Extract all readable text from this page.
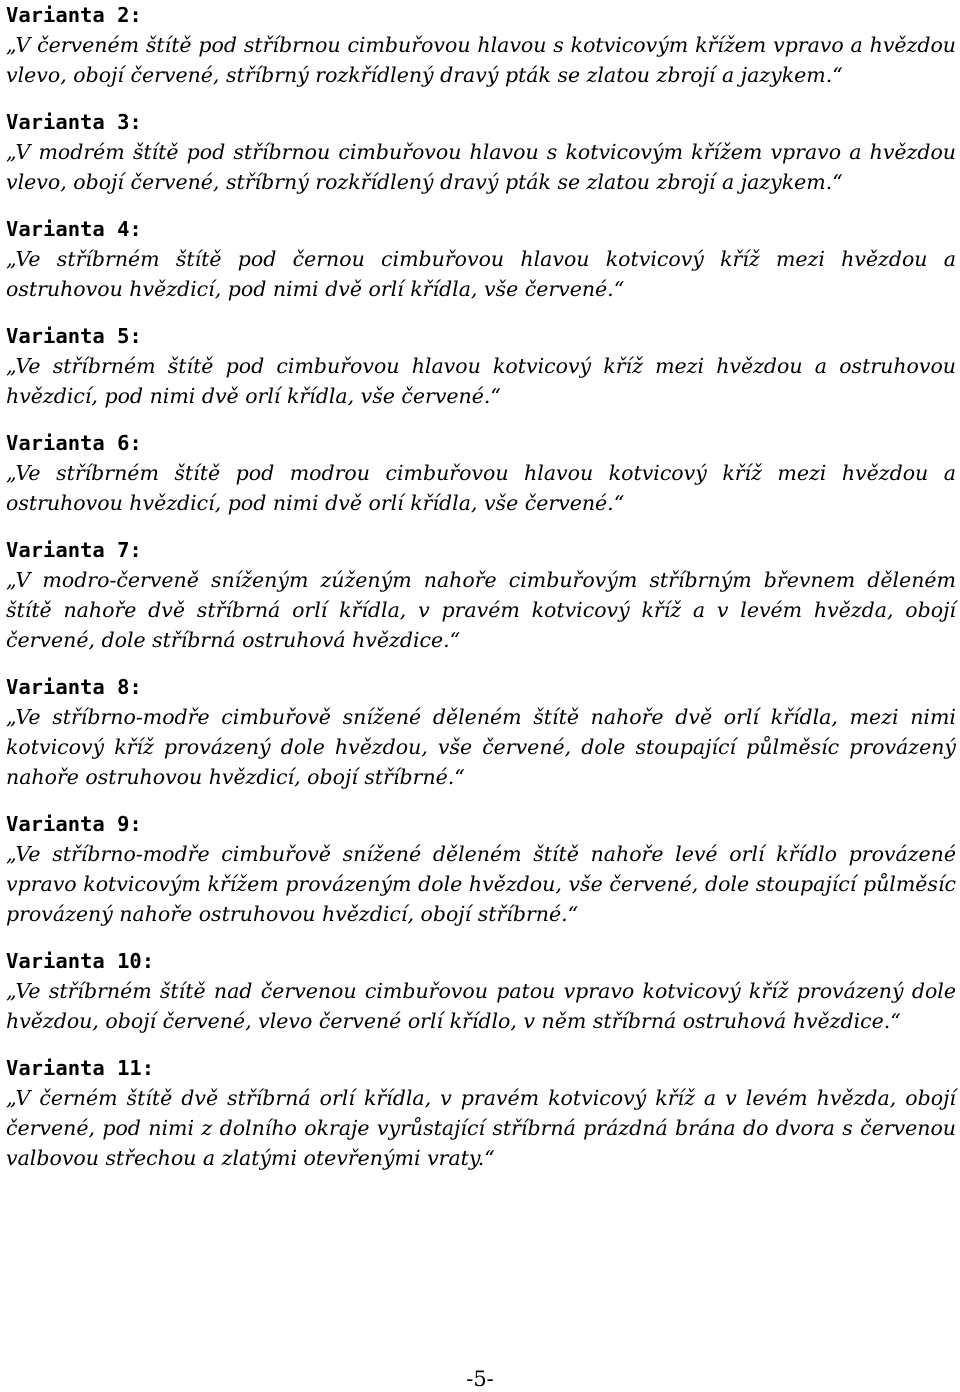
Varianta 2:

„V červeném štítě pod stříbrnou cimbuřovou hlavou s kotvicovým křížem vpravo a hvězdou vlevo, obojí červené, stříbrný rozkřídlený dravý pták se zlatou zbrojí a jazykem.“

Varianta 3:

„V modrém štítě pod stříbrnou cimbuřovou hlavou s kotvicovým křížem vpravo a hvězdou vlevo, obojí červené, stříbrný rozkřídlený dravý pták se zlatou zbrojí a jazykem.“

Varianta 4:

„Ve stříbrném štítě pod černou cimbuřovou hlavou kotvicový kříž mezi hvězdou a ostruhovou hvězdicí, pod nimi dvě orlí křídla, vše červené.“

Varianta 5:

„Ve stříbrném štítě pod cimbuřovou hlavou kotvicový kříž mezi hvězdou a ostruhovou hvězdicí, pod nimi dvě orlí křídla, vše červené.“

Varianta 6:

„Ve stříbrném štítě pod modrou cimbuřovou hlavou kotvicový kříž mezi hvězdou a ostruhovou hvězdicí, pod nimi dvě orlí křídla, vše červené.“

Varianta 7:

„V modro-červeně sníženým zúženým nahoře cimbuřovým stříbrným břevnem děleném štítě nahoře dvě stříbrná orlí křídla, v pravém kotvicový kříž a v levém hvězda, obojí červené, dole stříbrná ostruhová hvězdice.“

Varianta 8:

„Ve stříbrno-modře cimbuřově snížené děleném štítě nahoře dvě orlí křídla, mezi nimi kotvicový kříž provázený dole hvězdou, vše červené, dole stoupající půlměsíc provázený nahoře ostruhovou hvězdicí, obojí stříbrné.“

Varianta 9:

„Ve stříbrno-modře cimbuřově snížené děleném štítě nahoře levé orlí křídlo provázené vpravo kotvicovým křížem provázeným dole hvězdou, vše červené, dole stoupající půlměsíc provázený nahoře ostruhovou hvězdicí, obojí stříbrné.“

Varianta 10:

„Ve stříbrném štítě nad červenou cimbuřovou patou vpravo kotvicový kříž provázený dole hvězdou, obojí červené, vlevo červené orlí křídlo, v něm stříbrná ostruhová hvězdice.“

Varianta 11:

„V černém štítě dvě stříbrná orlí křídla, v pravém kotvicový kříž a v levém hvězda, obojí červené, pod nimi z dolního okraje vyrůstající stříbrná prázdná brána do dvora s červenou valbovou střechou a zlatými otevřenými vraty.“

-5-
